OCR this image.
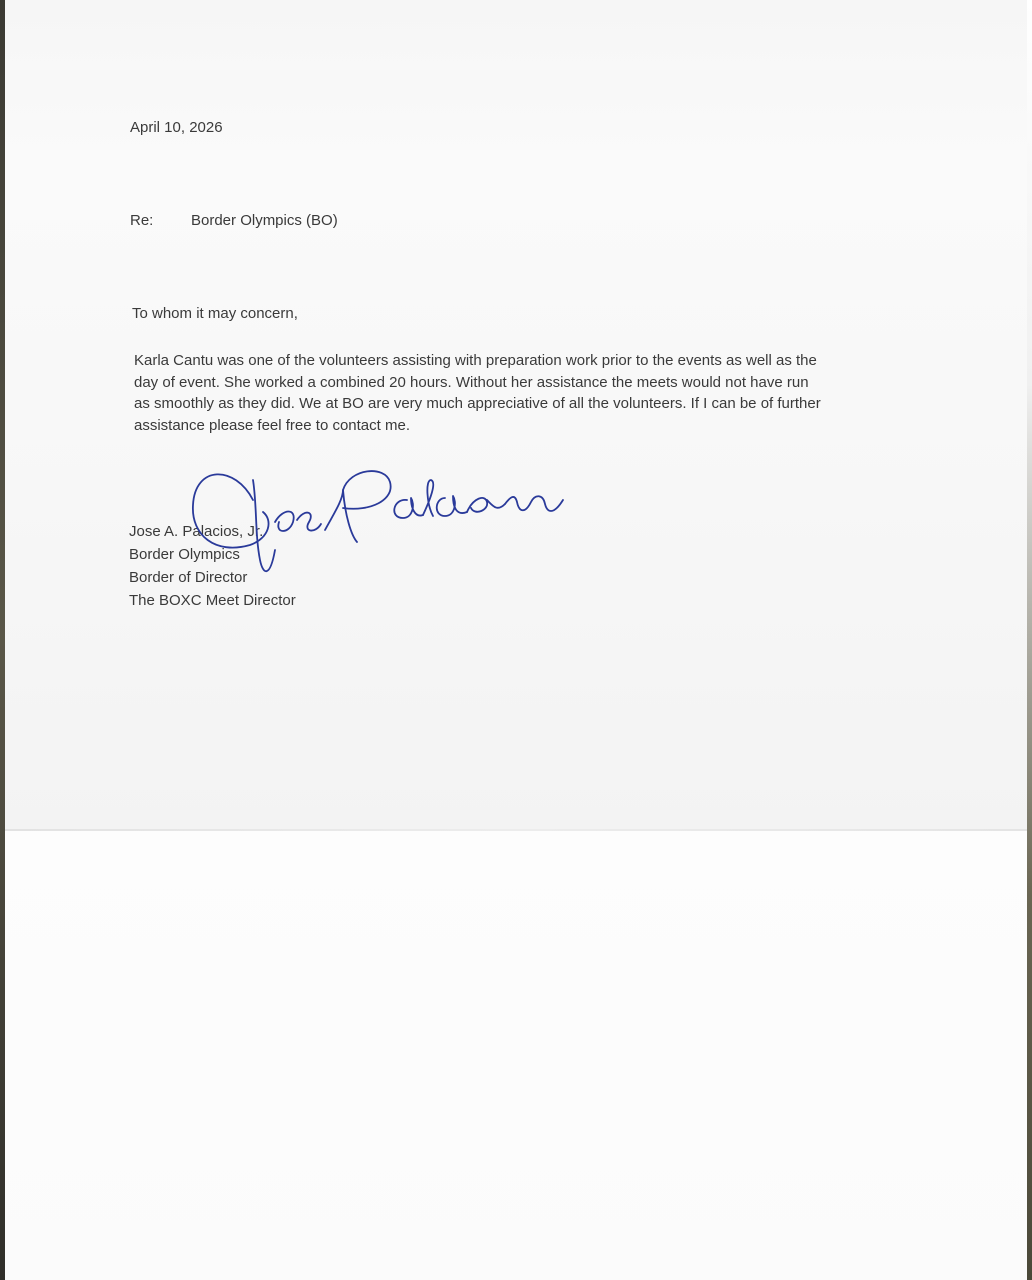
April 10, 2026
Re:	Border Olympics (BO)
To whom it may concern,
Karla Cantu was one of the volunteers assisting with preparation work prior to the events as well as the
day of event. She worked a combined 20 hours. Without her assistance the meets would not have run
as smoothly as they did. We at BO are very much appreciative of all the volunteers. If I can be of further
assistance please feel free to contact me.
Jose A. Palacios, Jr.
Border Olympics
Border of Director
The BOXC Meet Director
